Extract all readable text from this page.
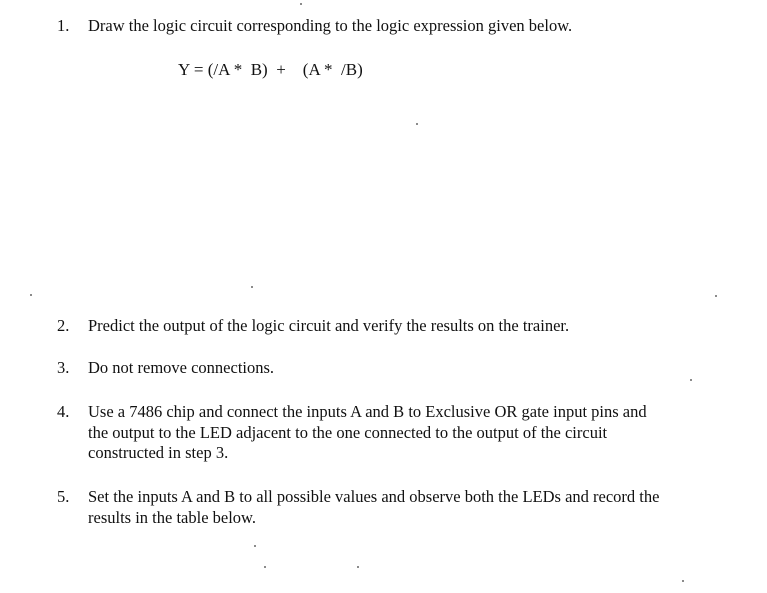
1. Draw the logic circuit corresponding to the logic expression given below.
Y = (/A *  B)  +    (A *  /B)
2. Predict the output of the logic circuit and verify the results on the trainer.
3. Do not remove connections.
4. Use a 7486 chip and connect the inputs A and B to Exclusive OR gate input pins and
the output to the LED adjacent to the one connected to the output of the circuit
constructed in step 3.
5. Set the inputs A and B to all possible values and observe both the LEDs and record the
results in the table below.
